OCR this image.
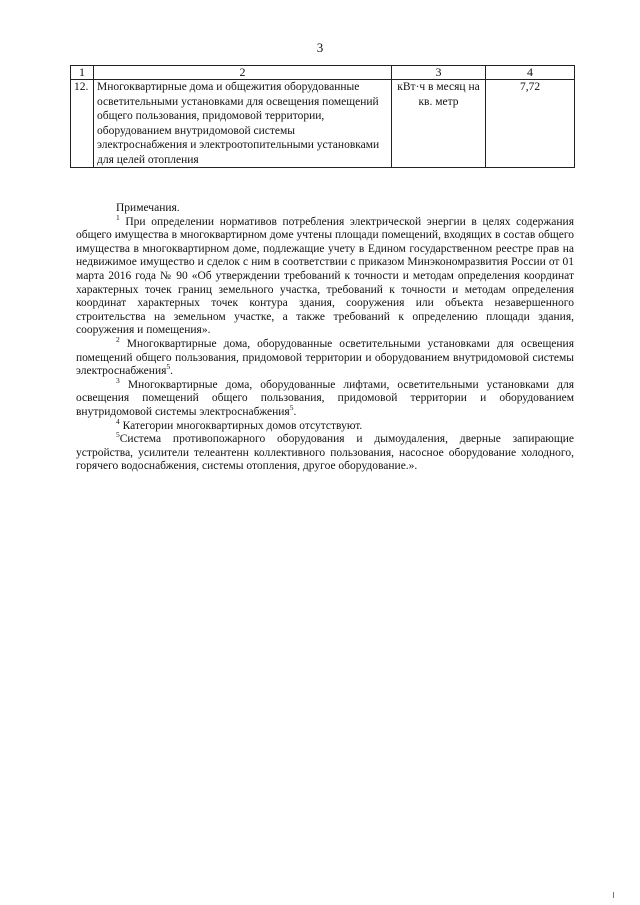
3
1	2	3	4
12.	Многоквартирные дома и общежития оборудованные осветительными установками для освещения помещений общего пользования, придомовой территории, оборудованием внутридомовой системы электроснабжения и электроотопительными установками для целей отопления	кВт·ч в месяц на кв. метр	7,72

Примечания.

$^1$ При определении нормативов потребления электрической энергии в целях содержания общего имущества в многоквартирном доме учтены площади помещений, входящих в состав общего имущества в многоквартирном доме, подлежащие учету в Едином государственном реестре прав на недвижимое имущество и сделок с ним в соответствии с приказом Минэкономразвития России от 01 марта 2016 года № 90 «Об утверждении требований к точности и методам определения координат характерных точек границ земельного участка, требований к точности и методам определения координат характерных точек контура здания, сооружения или объекта незавершенного строительства на земельном участке, а также требований к определению площади здания, сооружения и помещения».

$^2$ Многоквартирные дома, оборудованные осветительными установками для освещения помещений общего пользования, придомовой территории и оборудованием внутридомовой системы электроснабжения$^5$.

$^3$ Многоквартирные дома, оборудованные лифтами, осветительными установками для освещения помещений общего пользования, придомовой территории и оборудованием внутридомовой системы электроснабжения$^5$.

$^4$ Категории многоквартирных домов отсутствуют.

$^5$Система противопожарного оборудования и дымоудаления, дверные запирающие устройства, усилители телеантенн коллективного пользования, насосное оборудование холодного, горячего водоснабжения, системы отопления, другое оборудование.».
